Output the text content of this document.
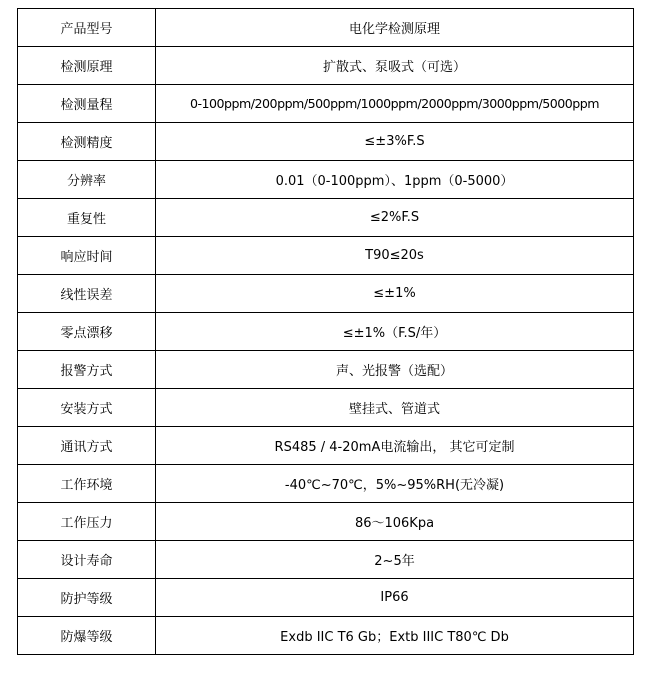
产品型号	电化学检测原理
检测原理	扩散式、泵吸式（可选）
检测量程	0-100ppm/200ppm/500ppm/1000ppm/2000ppm/3000ppm/5000ppm
检测精度	≤±3%F.S
分辨率	0.01（0-100ppm）、1ppm（0-5000）
重复性	≤2%F.S
响应时间	T90≤20s
线性误差	≤±1%
零点漂移	≤±1%（F.S/年）
报警方式	声、光报警（选配）
安装方式	壁挂式、管道式
通讯方式	RS485 / 4-20mA电流输出， 其它可定制
工作环境	-40℃~70℃，5%~95%RH(无冷凝)
工作压力	86～106Kpa
设计寿命	2~5年
防护等级	IP66
防爆等级	Exdb IIC T6 Gb；Extb IIIC T80℃ Db
